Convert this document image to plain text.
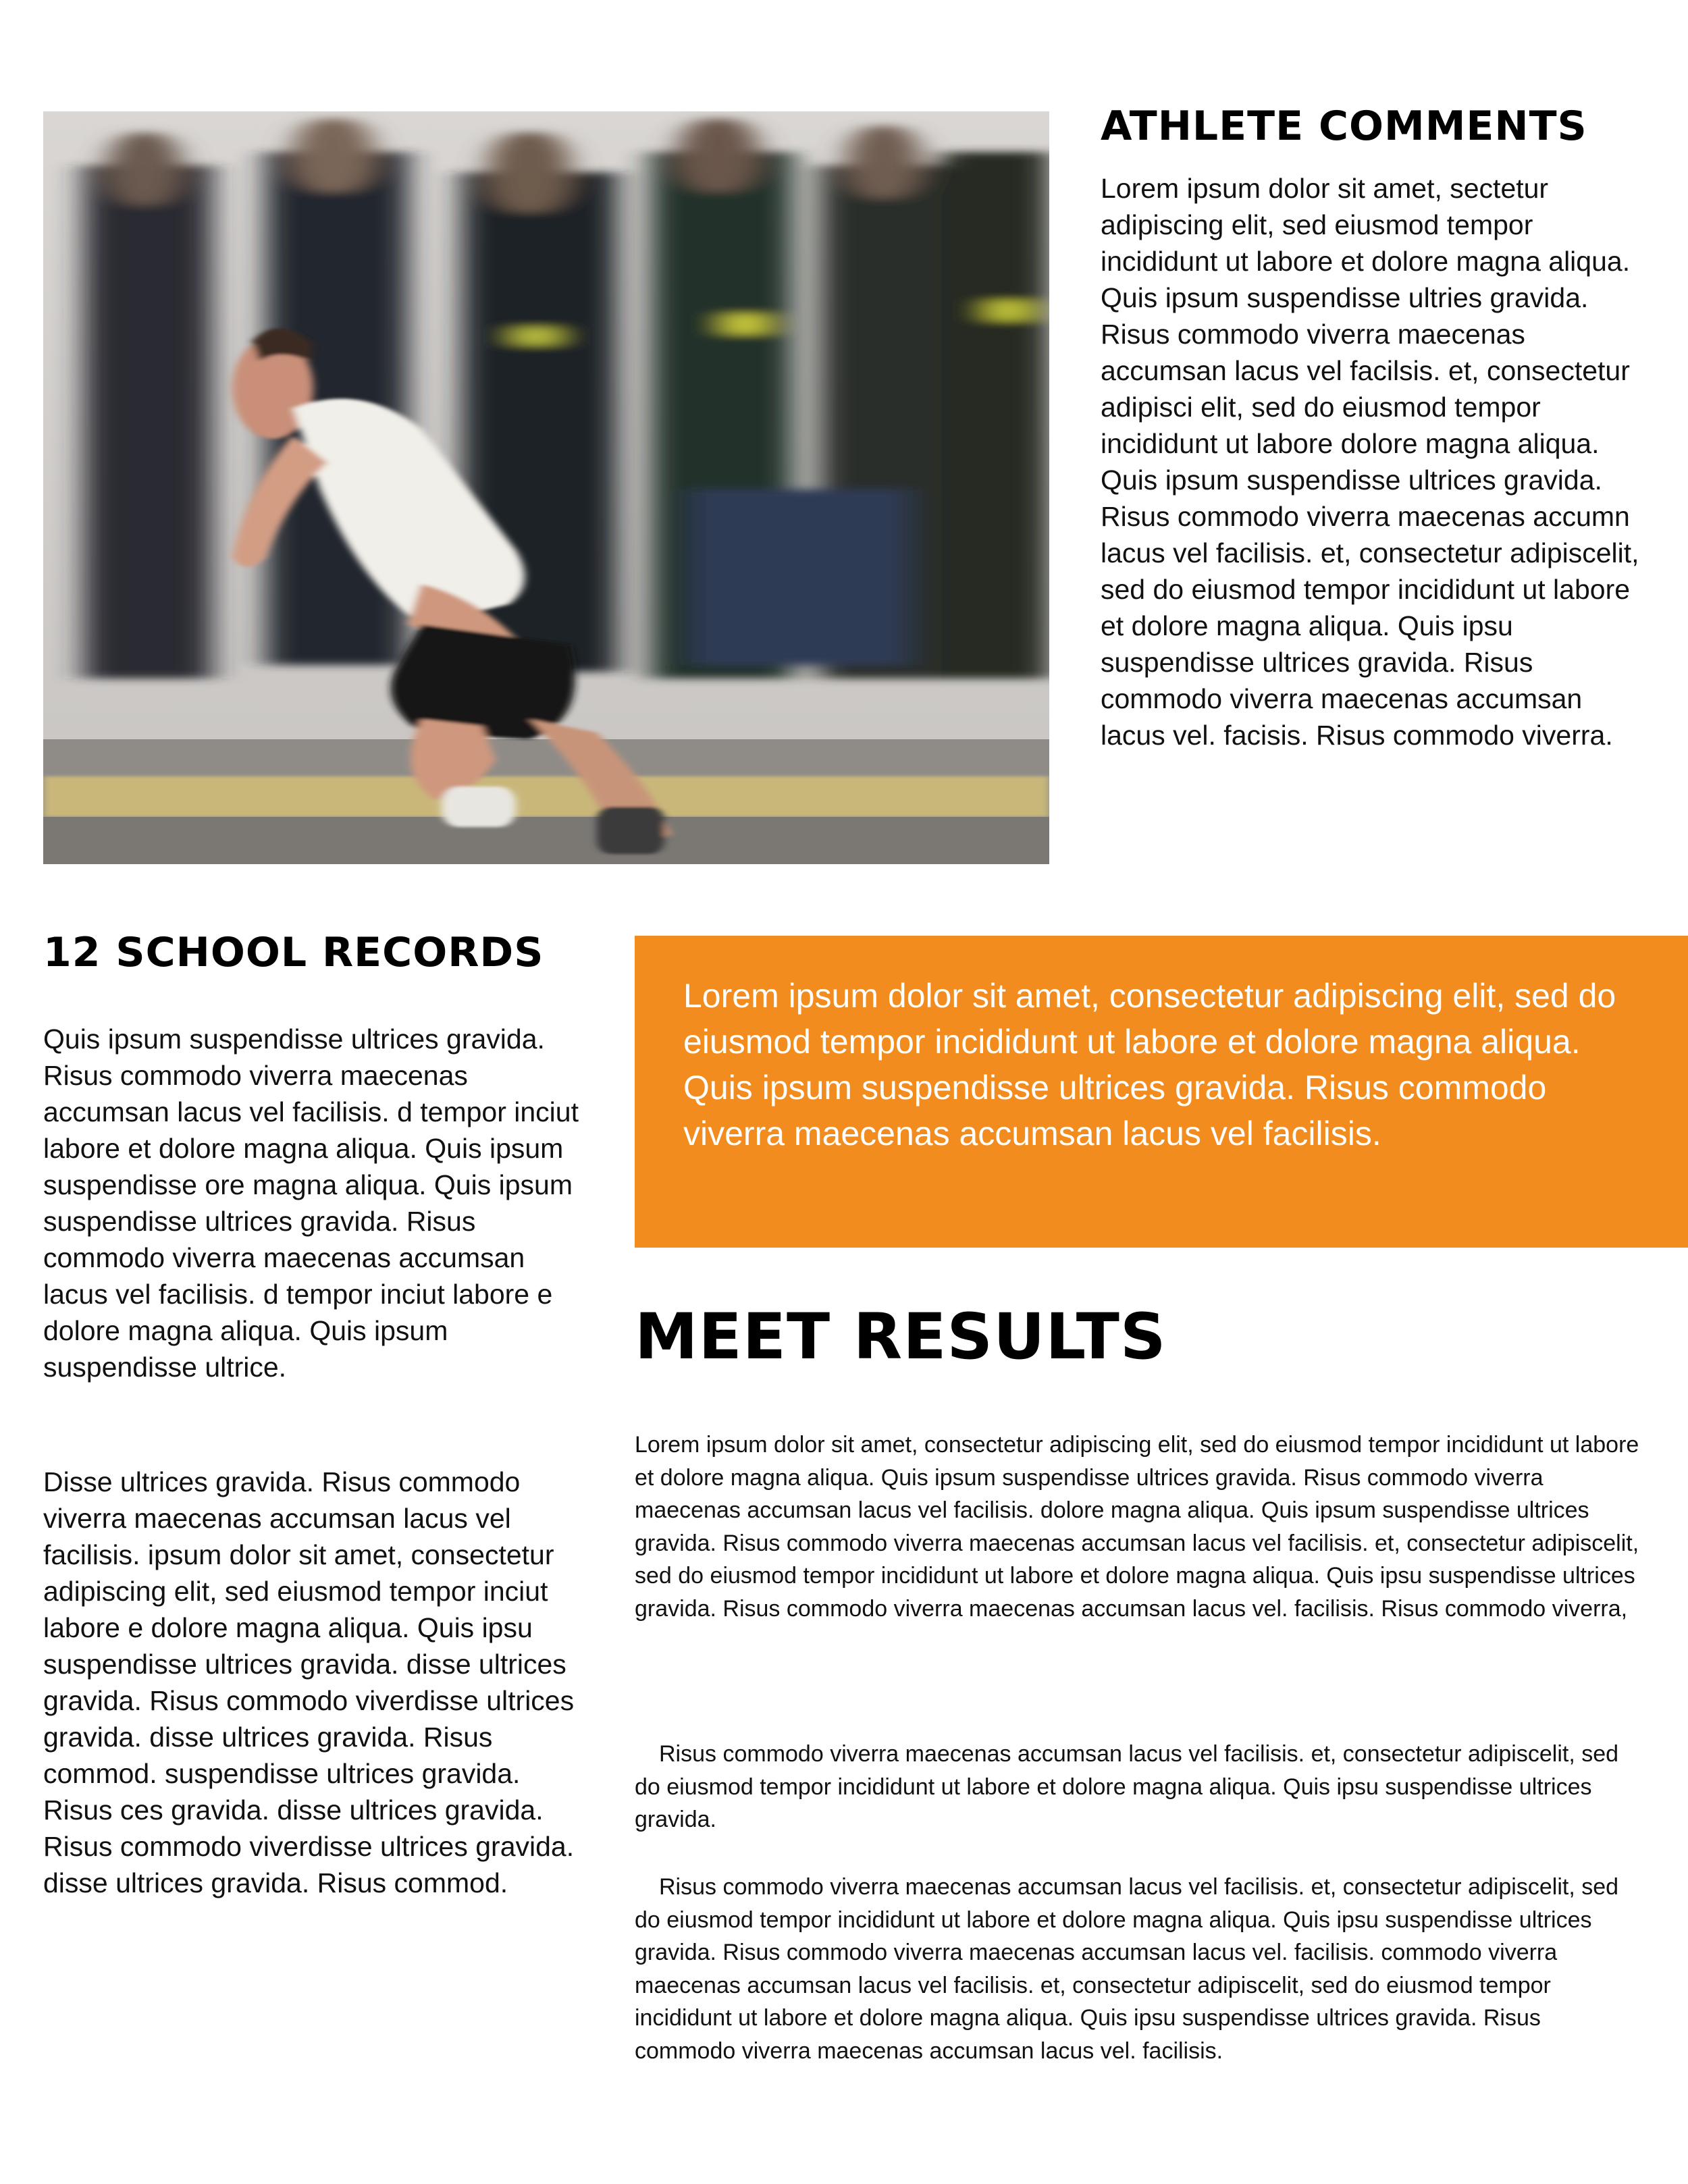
ATHLETE COMMENTS

Lorem ipsum dolor sit amet, sectetur adipiscing elit, sed eiusmod tempor incididunt ut labore et dolore magna aliqua. Quis ipsum suspendisse ultries gravida. Risus commodo viverra maecenas accumsan lacus vel facilsis. et, consectetur adipisci elit, sed do eiusmod tempor incididunt ut labore dolore magna aliqua. Quis ipsum suspendisse ultrices gravida. Risus commodo viverra maecenas accumn lacus vel facilisis. et, consectetur adipiscelit, sed do eiusmod tempor incididunt ut labore et dolore magna aliqua. Quis ipsu suspendisse ultrices gravida. Risus commodo viverra maecenas accumsan lacus vel. facisis. Risus commodo viverra.

12 SCHOOL RECORDS

Quis ipsum suspendisse ultrices gravida. Risus commodo viverra maecenas accumsan lacus vel facilisis. d tempor inciut labore et dolore magna aliqua. Quis ipsum suspendisse ore magna aliqua. Quis ipsum suspendisse ultrices gravida. Risus commodo viverra maecenas accumsan lacus vel facilisis. d tempor inciut labore e dolore magna aliqua. Quis ipsum suspendisse ultrice.

Disse ultrices gravida. Risus commodo viverra maecenas accumsan lacus vel facilisis. ipsum dolor sit amet, consectetur adipiscing elit, sed eiusmod tempor inciut labore e dolore magna aliqua. Quis ipsu suspendisse ultrices gravida. disse ultrices gravida. Risus commodo viverdisse ultrices gravida. disse ultrices gravida. Risus commod. suspendisse ultrices gravida. Risus ces gravida. disse ultrices gravida. Risus commodo viverdisse ultrices gravida. disse ultrices gravida. Risus commod.

Lorem ipsum dolor sit amet, consectetur adipiscing elit, sed do eiusmod tempor incididunt ut labore et dolore magna aliqua. Quis ipsum suspendisse ultrices gravida. Risus commodo viverra maecenas accumsan lacus vel facilisis.

MEET RESULTS

Lorem ipsum dolor sit amet, consectetur adipiscing elit, sed do eiusmod tempor incididunt ut labore et dolore magna aliqua. Quis ipsum suspendisse ultrices gravida. Risus commodo viverra maecenas accumsan lacus vel facilisis. dolore magna aliqua. Quis ipsum suspendisse ultrices gravida. Risus commodo viverra maecenas accumsan lacus vel facilisis. et, consectetur adipiscelit, sed do eiusmod tempor incididunt ut labore et dolore magna aliqua. Quis ipsu suspendisse ultrices gravida. Risus commodo viverra maecenas accumsan lacus vel. facilisis. Risus commodo viverra,

Risus commodo viverra maecenas accumsan lacus vel facilisis. et, consectetur adipiscelit, sed do eiusmod tempor incididunt ut labore et dolore magna aliqua. Quis ipsu suspendisse ultrices gravida.

Risus commodo viverra maecenas accumsan lacus vel facilisis. et, consectetur adipiscelit, sed do eiusmod tempor incididunt ut labore et dolore magna aliqua. Quis ipsu suspendisse ultrices gravida. Risus commodo viverra maecenas accumsan lacus vel. facilisis. commodo viverra maecenas accumsan lacus vel facilisis. et, consectetur adipiscelit, sed do eiusmod tempor incididunt ut labore et dolore magna aliqua. Quis ipsu suspendisse ultrices gravida. Risus commodo viverra maecenas accumsan lacus vel. facilisis.
